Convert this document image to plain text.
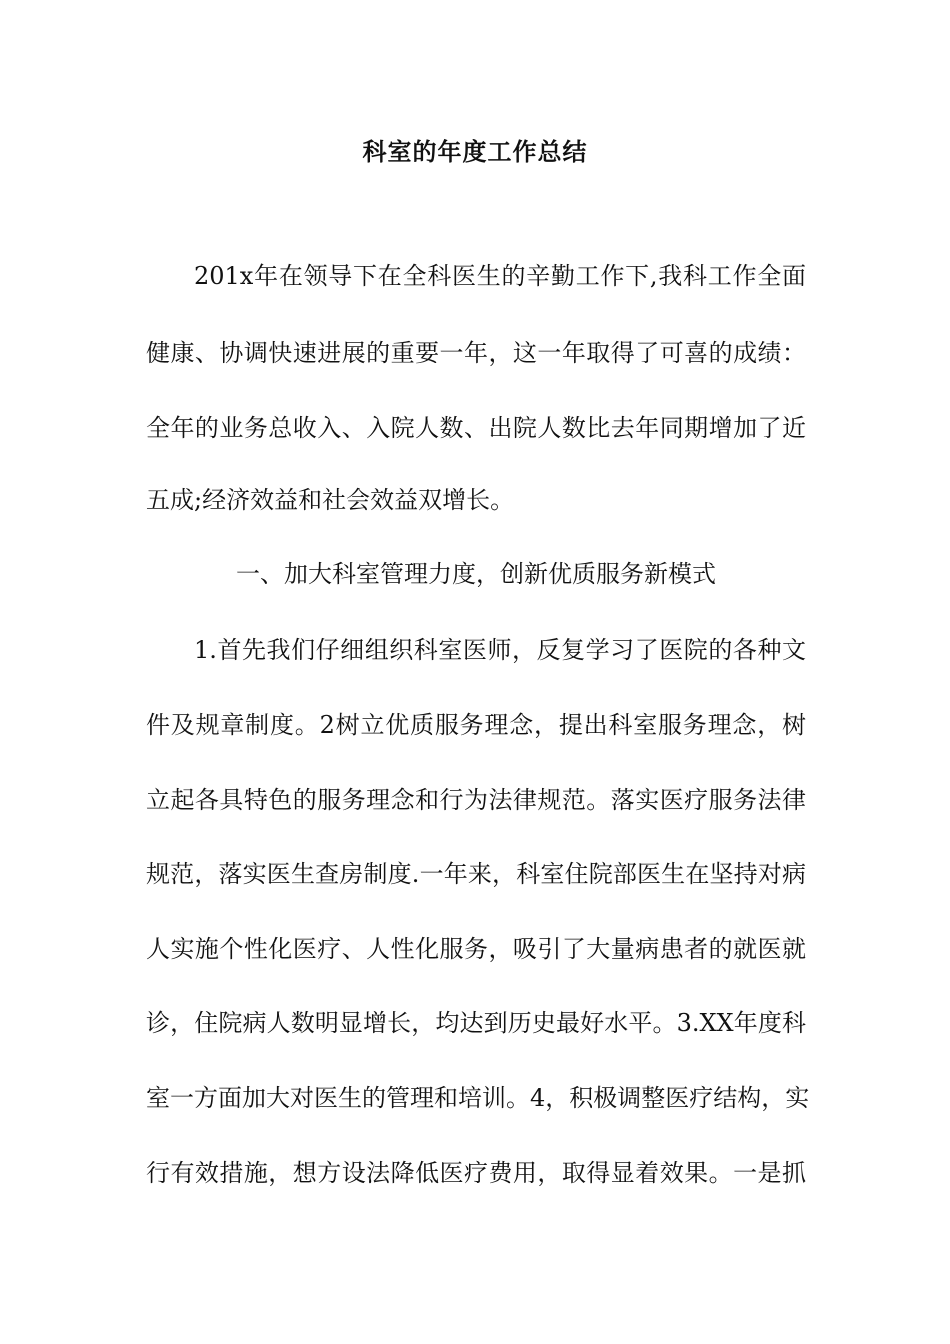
科室的年度工作总结

201x年在领导下在全科医生的辛勤工作下,我科工作全面

健康、协调快速进展的重要一年，这一年取得了可喜的成绩：

全年的业务总收入、入院人数、出院人数比去年同期增加了近

五成;经济效益和社会效益双增长。

一、加大科室管理力度，创新优质服务新模式

1.首先我们仔细组织科室医师，反复学习了医院的各种文

件及规章制度。2树立优质服务理念，提出科室服务理念，树

立起各具特色的服务理念和行为法律规范。落实医疗服务法律

规范，落实医生查房制度.一年来，科室住院部医生在坚持对病

人实施个性化医疗、人性化服务，吸引了大量病患者的就医就

诊，住院病人数明显增长，均达到历史最好水平。3.XX年度科

室一方面加大对医生的管理和培训。4，积极调整医疗结构，实

行有效措施，想方设法降低医疗费用，取得显着效果。一是抓
